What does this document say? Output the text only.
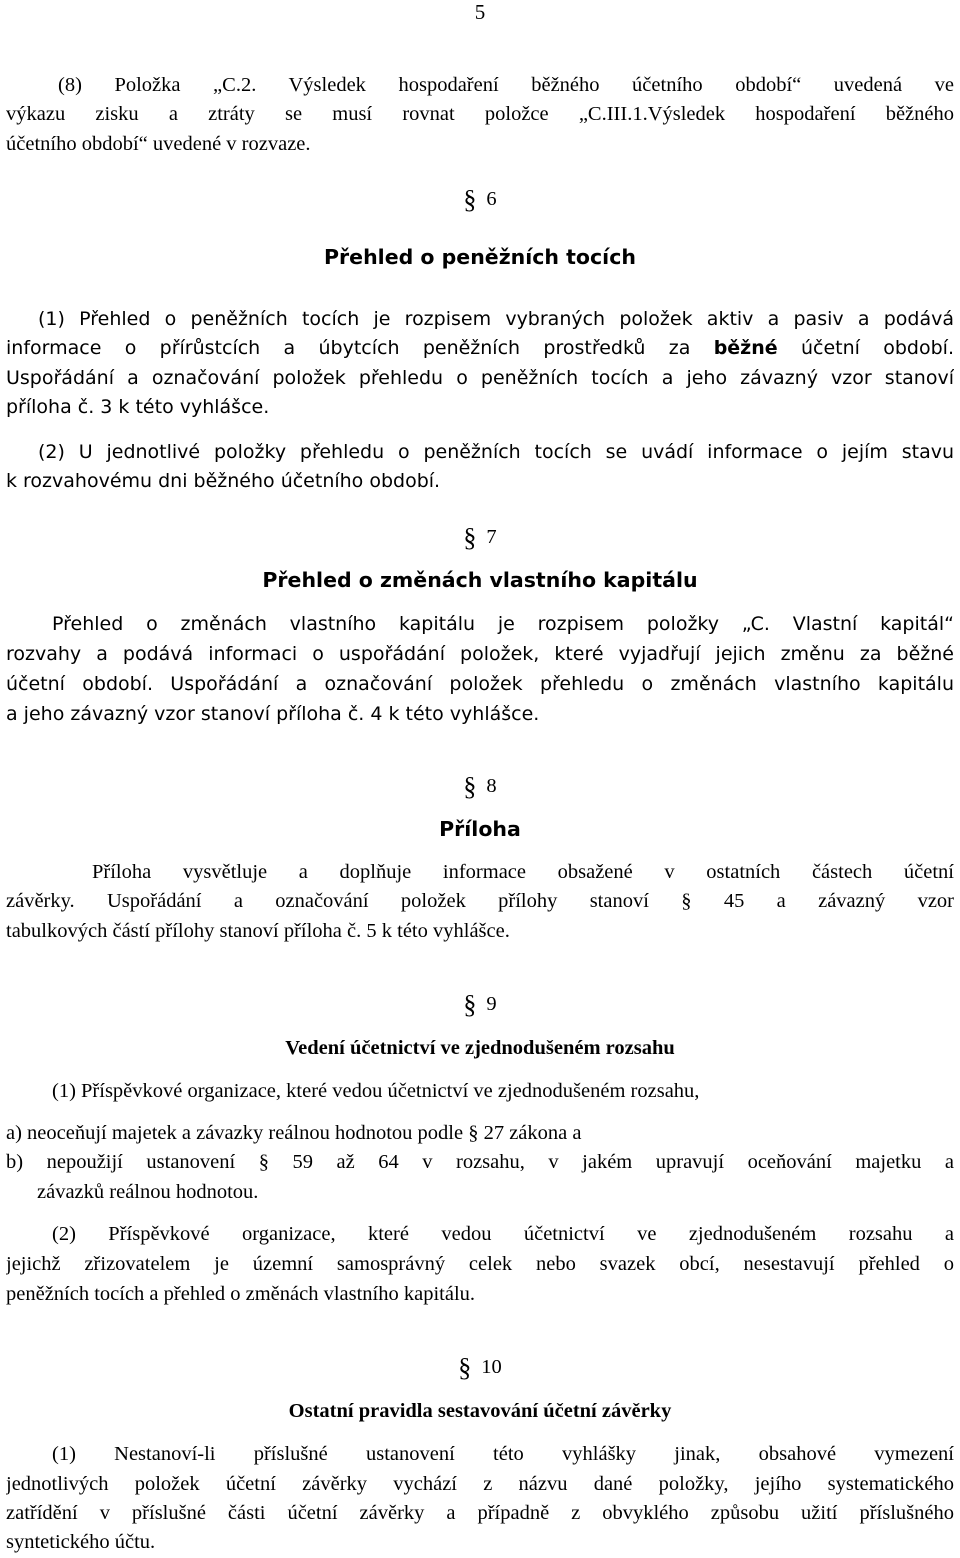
5
(8) Položka „C.2. Výsledek hospodaření běžného účetního období“ uvedená ve
výkazu zisku a ztráty se musí rovnat položce „C.III.1.Výsledek hospodaření běžného
účetního období“ uvedené v rozvaze.
§ 6
Přehled o peněžních tocích
(1) Přehled o peněžních tocích je rozpisem vybraných položek aktiv a pasiv a podává
informace o přírůstcích a úbytcích peněžních prostředků za běžné účetní období.
Uspořádání a označování položek přehledu o peněžních tocích a jeho závazný vzor stanoví
příloha č. 3 k této vyhlášce.
(2) U jednotlivé položky přehledu o peněžních tocích se uvádí informace o jejím stavu
k rozvahovému dni běžného účetního období.
§ 7
Přehled o změnách vlastního kapitálu
Přehled o změnách vlastního kapitálu je rozpisem položky „C. Vlastní kapitál“
rozvahy a podává informaci o uspořádání položek, které vyjadřují jejich změnu za běžné
účetní období. Uspořádání a označování položek přehledu o změnách vlastního kapitálu
a jeho závazný vzor stanoví příloha č. 4 k této vyhlášce.
§ 8
Příloha
Příloha vysvětluje a doplňuje informace obsažené v ostatních částech účetní
závěrky. Uspořádání a označování položek přílohy stanoví § 45 a závazný vzor
tabulkových částí přílohy stanoví příloha č. 5 k této vyhlášce.
§ 9
Vedení účetnictví ve zjednodušeném rozsahu
(1) Příspěvkové organizace, které vedou účetnictví ve zjednodušeném rozsahu,
a) neoceňují majetek a závazky reálnou hodnotou podle § 27 zákona a
b) nepoužijí ustanovení § 59 až 64 v rozsahu, v jakém upravují oceňování majetku a
závazků reálnou hodnotou.
(2) Příspěvkové organizace, které vedou účetnictví ve zjednodušeném rozsahu a
jejichž zřizovatelem je územní samosprávný celek nebo svazek obcí, nesestavují přehled o
peněžních tocích a přehled o změnách vlastního kapitálu.
§ 10
Ostatní pravidla sestavování účetní závěrky
(1) Nestanoví-li příslušné ustanovení této vyhlášky jinak, obsahové vymezení
jednotlivých položek účetní závěrky vychází z názvu dané položky, jejího systematického
zatřídění v příslušné části účetní závěrky a případně z obvyklého způsobu užití příslušného
syntetického účtu.
